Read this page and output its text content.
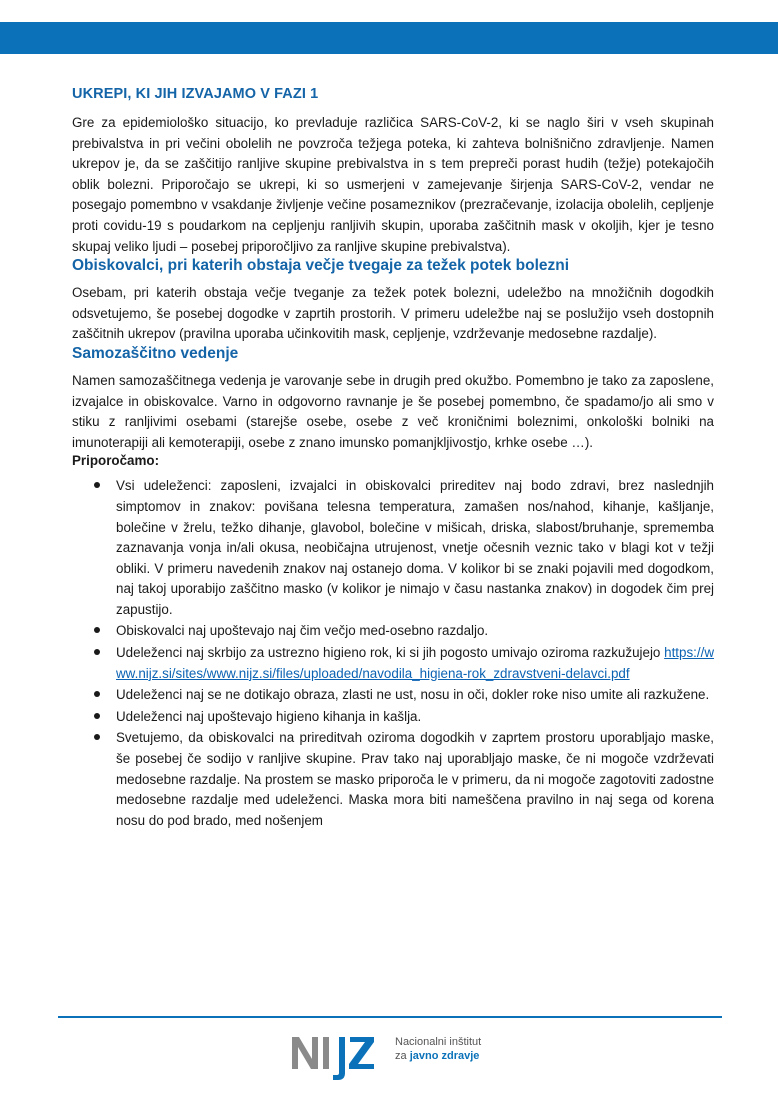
UKREPI, KI JIH IZVAJAMO V FAZI 1

Gre za epidemiološko situacijo, ko prevladuje različica SARS-CoV-2, ki se naglo širi v vseh skupinah prebivalstva in pri večini obolelih ne povzroča težjega poteka, ki zahteva bolnišnično zdravljenje. Namen ukrepov je, da se zaščitijo ranljive skupine prebivalstva in s tem prepreči porast hudih (težje) potekajočih oblik bolezni. Priporočajo se ukrepi, ki so usmerjeni v zamejevanje širjenja SARS-CoV-2, vendar ne posegajo pomembno v vsakdanje življenje večine posameznikov (prezračevanje, izolacija obolelih, cepljenje proti covidu-19 s poudarkom na cepljenju ranljivih skupin, uporaba zaščitnih mask v okoljih, kjer je tesno skupaj veliko ljudi – posebej priporočljivo za ranljive skupine prebivalstva).

Obiskovalci, pri katerih obstaja večje tvegaje za težek potek bolezni

Osebam, pri katerih obstaja večje tveganje za težek potek bolezni, udeležbo na množičnih dogodkih odsvetujemo, še posebej dogodke v zaprtih prostorih. V primeru udeležbe naj se poslužijo vseh dostopnih zaščitnih ukrepov (pravilna uporaba učinkovitih mask, cepljenje, vzdrževanje medosebne razdalje).

Samozaščitno vedenje

Namen samozaščitnega vedenja je varovanje sebe in drugih pred okužbo. Pomembno je tako za zaposlene, izvajalce in obiskovalce. Varno in odgovorno ravnanje je še posebej pomembno, če spadamo/jo ali smo v stiku z ranljivimi osebami (starejše osebe, osebe z več kroničnimi boleznimi, onkološki bolniki na imunoterapiji ali kemoterapiji, osebe z znano imunsko pomanjkljivostjo, krhke osebe …).

Priporočamo:

Vsi udeleženci: zaposleni, izvajalci in obiskovalci prireditev naj bodo zdravi, brez naslednjih simptomov in znakov: povišana telesna temperatura, zamašen nos/nahod, kihanje, kašljanje, bolečine v žrelu, težko dihanje, glavobol, bolečine v mišicah, driska, slabost/bruhanje, sprememba zaznavanja vonja in/ali okusa, neobičajna utrujenost, vnetje očesnih veznic tako v blagi kot v težji obliki. V primeru navedenih znakov naj ostanejo doma. V kolikor bi se znaki pojavili med dogodkom, naj takoj uporabijo zaščitno masko (v kolikor je nimajo v času nastanka znakov) in dogodek čim prej zapustijo.
Obiskovalci naj upoštevajo naj čim večjo med-osebno razdaljo.
Udeleženci naj skrbijo za ustrezno higieno rok, ki si jih pogosto umivajo oziroma razkužujejo https://www.nijz.si/sites/www.nijz.si/files/uploaded/navodila_higiena-rok_zdravstveni-delavci.pdf
Udeleženci naj se ne dotikajo obraza, zlasti ne ust, nosu in oči, dokler roke niso umite ali razkužene.
Udeleženci naj upoštevajo higieno kihanja in kašlja.
Svetujemo, da obiskovalci na prireditvah oziroma dogodkih v zaprtem prostoru uporabljajo maske, še posebej če sodijo v ranljive skupine. Prav tako naj uporabljajo maske, če ni mogoče vzdrževati medosebne razdalje. Na prostem se masko priporoča le v primeru, da ni mogoče zagotoviti zadostne medosebne razdalje med udeleženci. Maska mora biti nameščena pravilno in naj sega od korena nosu do pod brado, med nošenjem
Nacionalni inštitut
za javno zdravje
